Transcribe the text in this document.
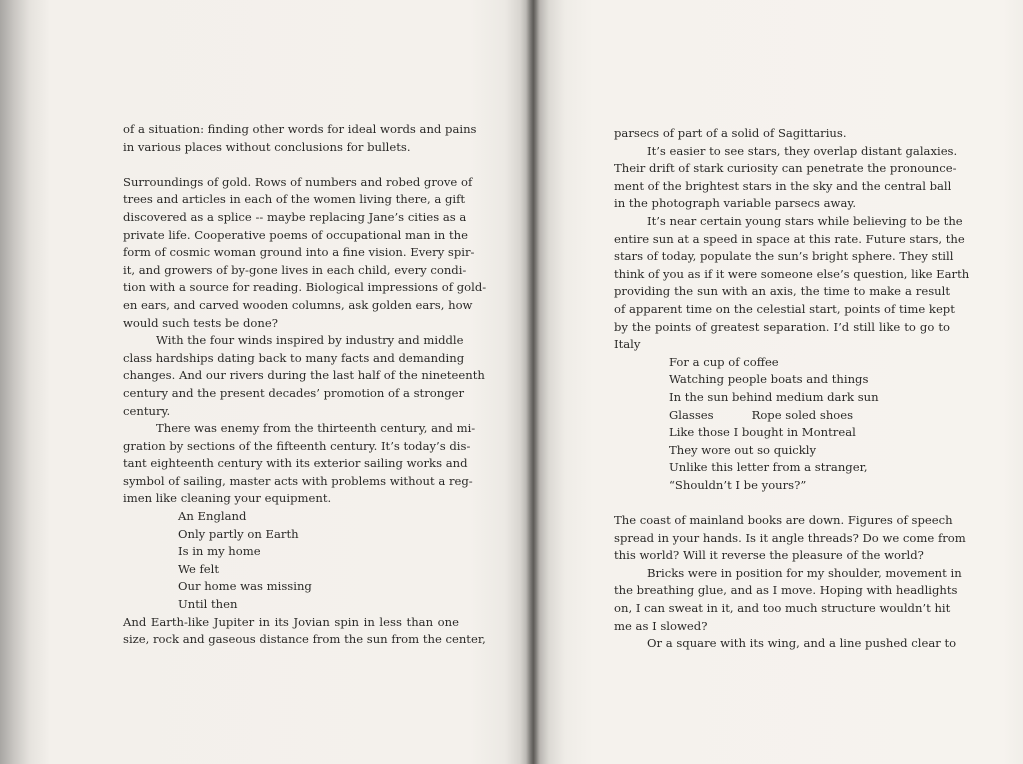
of a situation: finding other words for ideal words and pains
in various places without conclusions for bullets.
Surroundings of gold. Rows of numbers and robed grove of
trees and articles in each of the women living there, a gift
discovered as a splice -- maybe replacing Jane’s cities as a
private life. Cooperative poems of occupational man in the
form of cosmic woman ground into a fine vision. Every spir-
it, and growers of by-gone lives in each child, every condi-
tion with a source for reading. Biological impressions of gold-
en ears, and carved wooden columns, ask golden ears, how
would such tests be done?
With the four winds inspired by industry and middle
class hardships dating back to many facts and demanding
changes. And our rivers during the last half of the nineteenth
century and the present decades’ promotion of a stronger
century.
There was enemy from the thirteenth century, and mi-
gration by sections of the fifteenth century. It’s today’s dis-
tant eighteenth century with its exterior sailing works and
symbol of sailing, master acts with problems without a reg-
imen like cleaning your equipment.
An England
Only partly on Earth
Is in my home
We felt
Our home was missing
Until then
And Earth-like Jupiter in its Jovian spin in less than one
size, rock and gaseous distance from the sun from the center,
parsecs of part of a solid of Sagittarius.
It’s easier to see stars, they overlap distant galaxies.
Their drift of stark curiosity can penetrate the pronounce-
ment of the brightest stars in the sky and the central ball
in the photograph variable parsecs away.
It’s near certain young stars while believing to be the
entire sun at a speed in space at this rate. Future stars, the
stars of today, populate the sun’s bright sphere. They still
think of you as if it were someone else’s question, like Earth
providing the sun with an axis, the time to make a result
of apparent time on the celestial start, points of time kept
by the points of greatest separation. I’d still like to go to
Italy
For a cup of coffee
Watching people boats and things
In the sun behind medium dark sun
Glasses	Rope soled shoes
Like those I bought in Montreal
They wore out so quickly
Unlike this letter from a stranger,
“Shouldn’t I be yours?”
The coast of mainland books are down. Figures of speech
spread in your hands. Is it angle threads? Do we come from
this world? Will it reverse the pleasure of the world?
Bricks were in position for my shoulder, movement in
the breathing glue, and as I move. Hoping with headlights
on, I can sweat in it, and too much structure wouldn’t hit
me as I slowed?
Or a square with its wing, and a line pushed clear to
